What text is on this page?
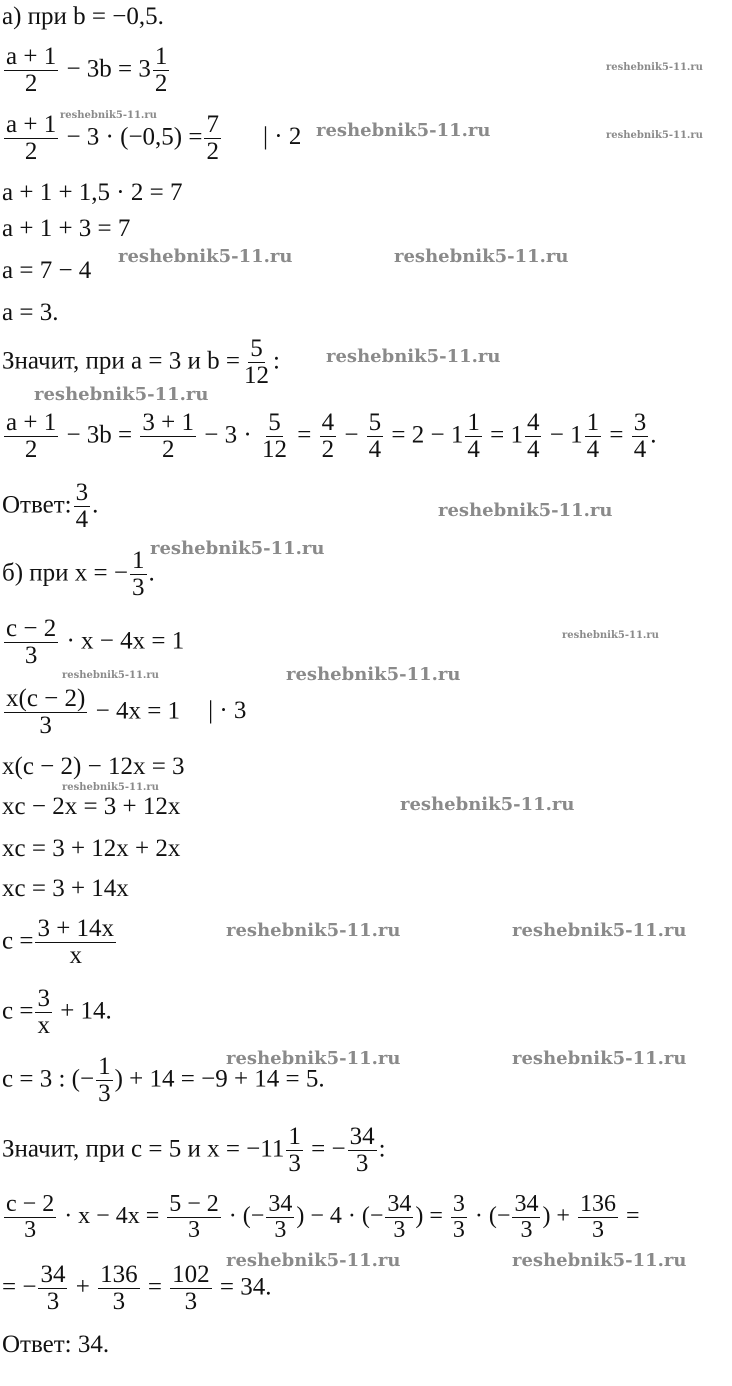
а) при b = −0,5.
$\frac{a + 1}{2} - 3b = 3 \frac{1}{2}$
$\frac{a + 1}{2} - 3 \cdot (-0,5) = \frac{7}{2}$ | · 2
a + 1 + 1,5 · 2 = 7
a + 1 + 3 = 7
a = 7 − 4
a = 3.
Значит, при a = 3 и $b = \frac{5}{12}$ :
$\frac{a + 1}{2} - 3b = \frac{3 + 1}{2} - 3 \cdot \frac{5}{12} = \frac{4}{2} - \frac{5}{4} = 2 - 1 \frac{1}{4} = 1 \frac{4}{4} - 1 \frac{1}{4} = \frac{3}{4}$ .
Ответ: $\frac{3}{4}$ .
б) при x = − $\frac{1}{3}$ .
$\frac{c - 2}{3} \cdot x - 4x = 1$
$\frac{x(c - 2)}{3} - 4x = 1$ | · 3
x(c − 2) − 12x = 3
xc − 2x = 3 + 12x
xc = 3 + 12x + 2x
xc = 3 + 14x
$c = \frac{3 + 14x}{x}$
$c = \frac{3}{x} + 14$.
c = 3 : (− $\frac{1}{3}$ ) + 14 = −9 + 14 = 5.
Значит, при c = 5 и $x = -11 \frac{1}{3}$ = − $\frac{34}{3}$ :
$\frac{c - 2}{3} \cdot x - 4x = \frac{5 - 2}{3}$ · (− $\frac{34}{3}$ ) − 4 · (− $\frac{34}{3}$ ) = $\frac{3}{3}$ · (− $\frac{34}{3}$ ) + $\frac{136}{3}$ =
= − $\frac{34}{3} + \frac{136}{3} = \frac{102}{3} = 34$.
Ответ: 34.
reshebnik5-11.ru
reshebnik5-11.ru
reshebnik5-11.ru	reshebnik5-11.ru
reshebnik5-11.ru	reshebnik5-11.ru
reshebnik5-11.ru
reshebnik5-11.ru
reshebnik5-11.ru
reshebnik5-11.ru
reshebnik5-11.ru
reshebnik5-11.ru	reshebnik5-11.ru
reshebnik5-11.ru
reshebnik5-11.ru
reshebnik5-11.ru	reshebnik5-11.ru
reshebnik5-11.ru	reshebnik5-11.ru
reshebnik5-11.ru	reshebnik5-11.ru
